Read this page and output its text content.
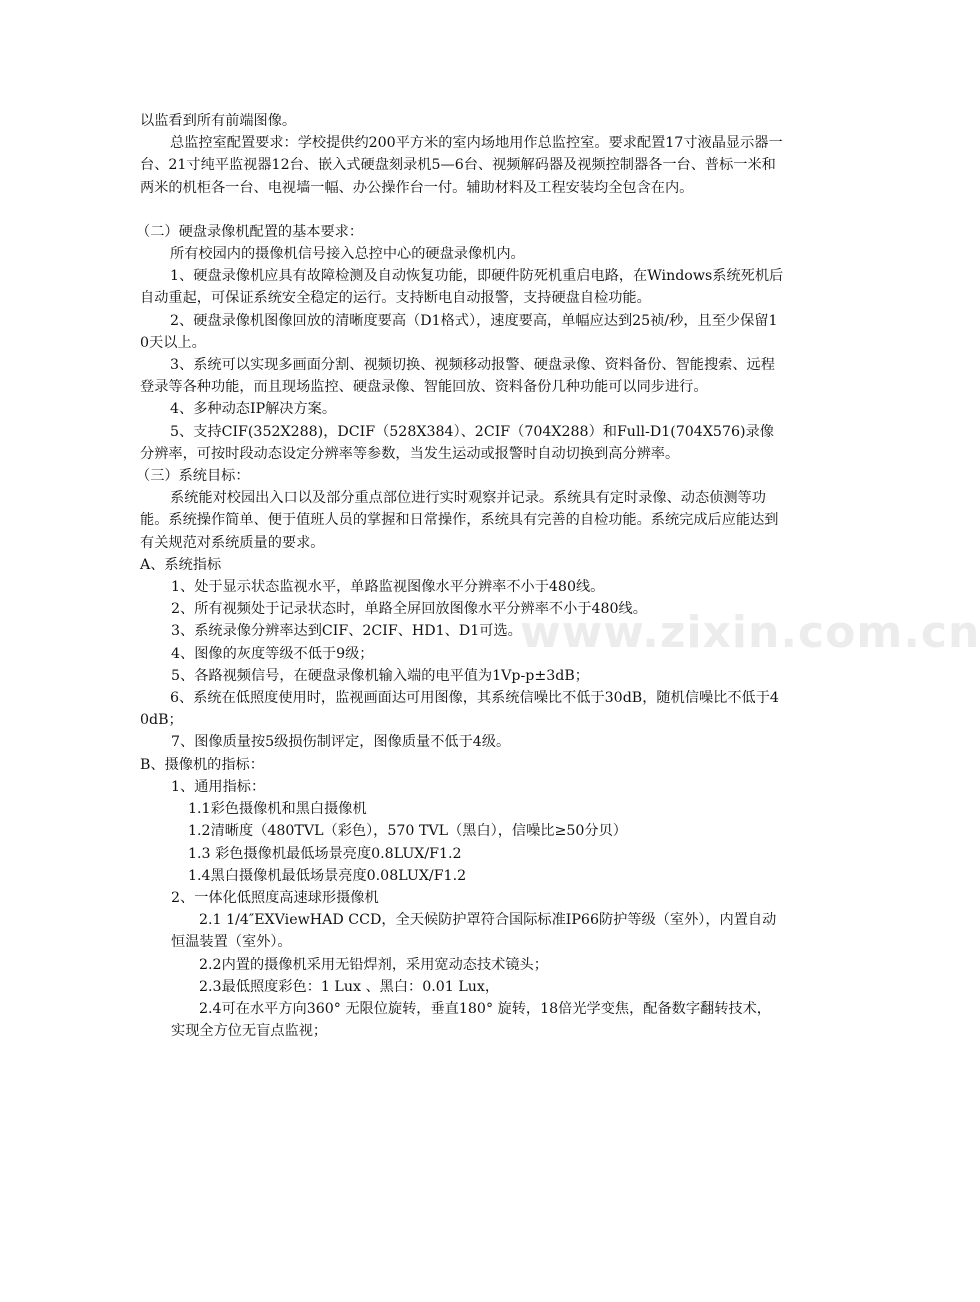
以监看到所有前端图像。

总监控室配置要求：学校提供约200平方米的室内场地用作总监控室。要求配置17寸液晶显示器一台、21寸纯平监视器12台、嵌入式硬盘刻录机5—6台、视频解码器及视频控制器各一台、普标一米和两米的机柜各一台、电视墙一幅、办公操作台一付。辅助材料及工程安装均全包含在内。

（二）硬盘录像机配置的基本要求：

所有校园内的摄像机信号接入总控中心的硬盘录像机内。

1、硬盘录像机应具有故障检测及自动恢复功能，即硬件防死机重启电路，在Windows系统死机后自动重起，可保证系统安全稳定的运行。支持断电自动报警，支持硬盘自检功能。

2、硬盘录像机图像回放的清晰度要高（D1格式），速度要高，单幅应达到25祯/秒，且至少保留10天以上。

3、系统可以实现多画面分割、视频切换、视频移动报警、硬盘录像、资料备份、智能搜索、远程登录等各种功能，而且现场监控、硬盘录像、智能回放、资料备份几种功能可以同步进行。

4、多种动态IP解决方案。

5、支持CIF(352X288)，DCIF（528X384）、2CIF（704X288）和Full-D1(704X576)录像分辨率，可按时段动态设定分辨率等参数，当发生运动或报警时自动切换到高分辨率。

（三）系统目标：

系统能对校园出入口以及部分重点部位进行实时观察并记录。系统具有定时录像、动态侦测等功能。系统操作简单、便于值班人员的掌握和日常操作，系统具有完善的自检功能。系统完成后应能达到有关规范对系统质量的要求。

A、系统指标

1、处于显示状态监视水平，单路监视图像水平分辨率不小于480线。

2、所有视频处于记录状态时，单路全屏回放图像水平分辨率不小于480线。

3、系统录像分辨率达到CIF、2CIF、HD1、D1可选。

4、图像的灰度等级不低于9级；

5、各路视频信号，在硬盘录像机输入端的电平值为1Vp-p±3dB；

6、系统在低照度使用时，监视画面达可用图像，其系统信噪比不低于30dB，随机信噪比不低于40dB；

7、图像质量按5级损伤制评定，图像质量不低于4级。

B、摄像机的指标：

1、通用指标：

1.1彩色摄像机和黑白摄像机

1.2清晰度（480TVL（彩色），570 TVL（黑白），信噪比≥50分贝）

1.3 彩色摄像机最低场景亮度0.8LUX/F1.2

1.4黑白摄像机最低场景亮度0.08LUX/F1.2

2、一体化低照度高速球形摄像机

2.1 1/4″EXViewHAD CCD，全天候防护罩符合国际标准IP66防护等级（室外），内置自动恒温装置（室外）。

2.2内置的摄像机采用无铅焊剂，采用宽动态技术镜头；

2.3最低照度彩色：1 Lux 、黑白：0.01 Lux，

2.4可在水平方向360° 无限位旋转，垂直180° 旋转，18倍光学变焦，配备数字翻转技术，实现全方位无盲点监视；

www.zixin.com.cn
